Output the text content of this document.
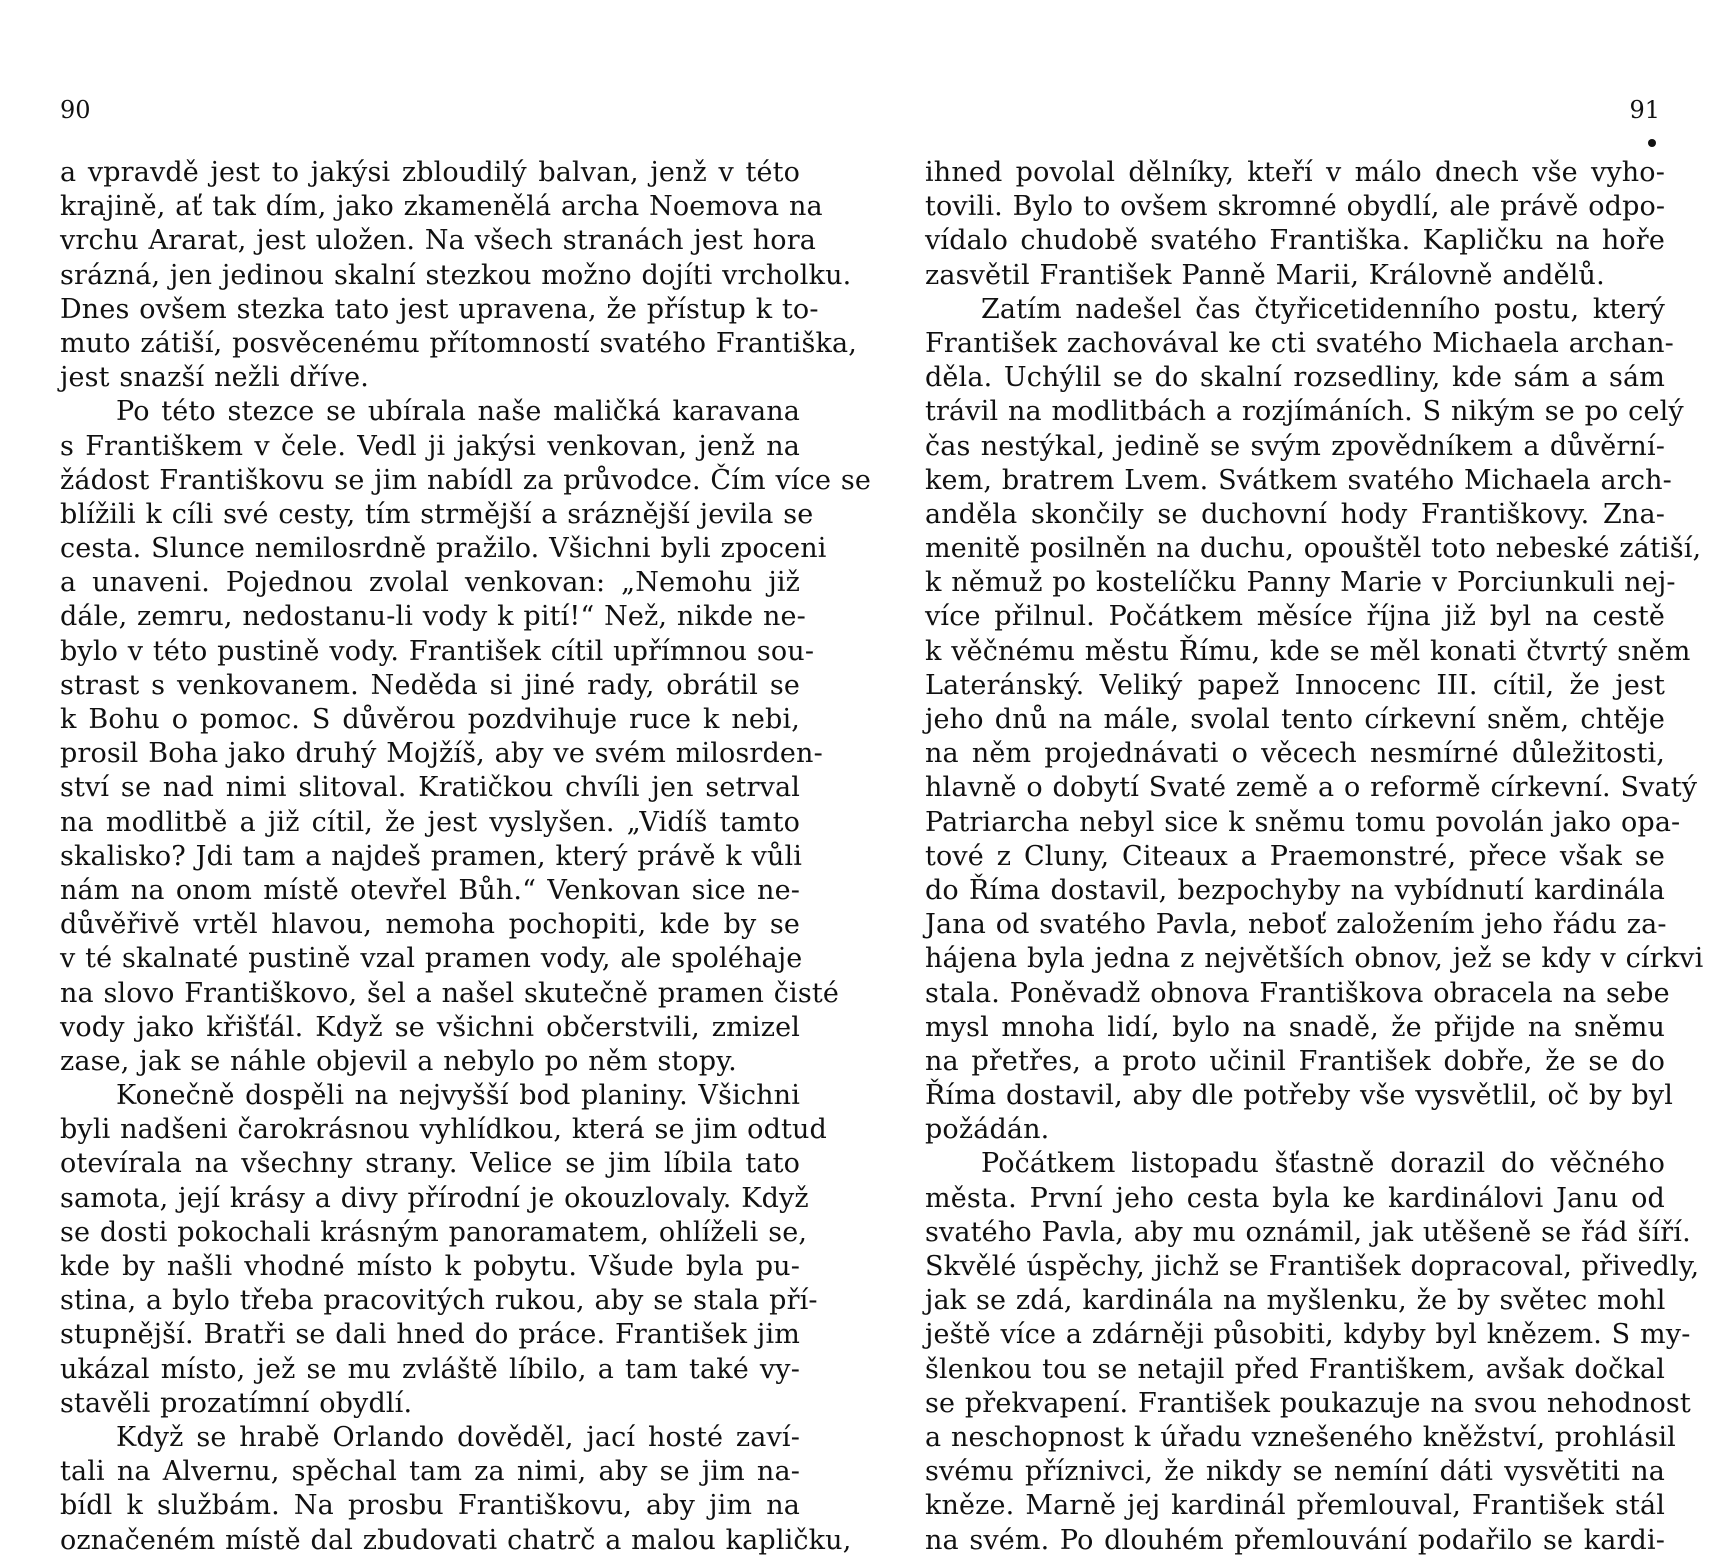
90

a vpravdě jest to jakýsi zbloudilý balvan, jenž v této

krajině, ať tak dím, jako zkamenělá archa Noemova na

vrchu Ararat, jest uložen. Na všech stranách jest hora

srázná, jen jedinou skalní stezkou možno dojíti vrcholku.

Dnes ovšem stezka tato jest upravena, že přístup k to-

muto zátiší, posvěcenému přítomností svatého Františka,

jest snazší nežli dříve.

Po této stezce se ubírala naše maličká karavana

s Františkem v čele. Vedl ji jakýsi venkovan, jenž na

žádost Františkovu se jim nabídl za průvodce. Čím více se

blížili k cíli své cesty, tím strmější a sráznější jevila se

cesta. Slunce nemilosrdně pražilo. Všichni byli zpoceni

a unaveni. Pojednou zvolal venkovan: „Nemohu již

dále, zemru, nedostanu-li vody k pití!“ Než, nikde ne-

bylo v této pustině vody. František cítil upřímnou sou-

strast s venkovanem. Neděda si jiné rady, obrátil se

k Bohu o pomoc. S důvěrou pozdvihuje ruce k nebi,

prosil Boha jako druhý Mojžíš, aby ve svém milosrden-

ství se nad nimi slitoval. Kratičkou chvíli jen setrval

na modlitbě a již cítil, že jest vyslyšen. „Vidíš tamto

skalisko? Jdi tam a najdeš pramen, který právě k vůli

nám na onom místě otevřel Bůh.“ Venkovan sice ne-

důvěřivě vrtěl hlavou, nemoha pochopiti, kde by se

v té skalnaté pustině vzal pramen vody, ale spoléhaje

na slovo Františkovo, šel a našel skutečně pramen čisté

vody jako křišťál. Když se všichni občerstvili, zmizel

zase, jak se náhle objevil a nebylo po něm stopy.

Konečně dospěli na nejvyšší bod planiny. Všichni

byli nadšeni čarokrásnou vyhlídkou, která se jim odtud

otevírala na všechny strany. Velice se jim líbila tato

samota, její krásy a divy přírodní je okouzlovaly. Když

se dosti pokochali krásným panoramatem, ohlíželi se,

kde by našli vhodné místo k pobytu. Všude byla pu-

stina, a bylo třeba pracovitých rukou, aby se stala pří-

stupnější. Bratři se dali hned do práce. František jim

ukázal místo, jež se mu zvláště líbilo, a tam také vy-

stavěli prozatímní obydlí.

Když se hrabě Orlando dověděl, jací hosté zaví-

tali na Alvernu, spěchal tam za nimi, aby se jim na-

bídl k službám. Na prosbu Františkovu, aby jim na

označeném místě dal zbudovati chatrč a malou kapličku,

91

ihned povolal dělníky, kteří v málo dnech vše vyho-

tovili. Bylo to ovšem skromné obydlí, ale právě odpo-

vídalo chudobě svatého Františka. Kapličku na hoře

zasvětil František Panně Marii, Královně andělů.

Zatím nadešel čas čtyřicetidenního postu, který

František zachovával ke cti svatého Michaela archan-

děla. Uchýlil se do skalní rozsedliny, kde sám a sám

trávil na modlitbách a rozjímáních. S nikým se po celý

čas nestýkal, jedině se svým zpovědníkem a důvěrní-

kem, bratrem Lvem. Svátkem svatého Michaela arch-

anděla skončily se duchovní hody Františkovy. Zna-

menitě posilněn na duchu, opouštěl toto nebeské zátiší,

k němuž po kostelíčku Panny Marie v Porciunkuli nej-

více přilnul. Počátkem měsíce října již byl na cestě

k věčnému městu Římu, kde se měl konati čtvrtý sněm

Lateránský. Veliký papež Innocenc III. cítil, že jest

jeho dnů na mále, svolal tento církevní sněm, chtěje

na něm projednávati o věcech nesmírné důležitosti,

hlavně o dobytí Svaté země a o reformě církevní. Svatý

Patriarcha nebyl sice k sněmu tomu povolán jako opa-

tové z Cluny, Citeaux a Praemonstré, přece však se

do Říma dostavil, bezpochyby na vybídnutí kardinála

Jana od svatého Pavla, neboť založením jeho řádu za-

hájena byla jedna z největších obnov, jež se kdy v církvi

stala. Poněvadž obnova Františkova obracela na sebe

mysl mnoha lidí, bylo na snadě, že přijde na sněmu

na přetřes, a proto učinil František dobře, že se do

Říma dostavil, aby dle potřeby vše vysvětlil, oč by byl

požádán.

Počátkem listopadu šťastně dorazil do věčného

města. První jeho cesta byla ke kardinálovi Janu od

svatého Pavla, aby mu oznámil, jak utěšeně se řád šíří.

Skvělé úspěchy, jichž se František dopracoval, přivedly,

jak se zdá, kardinála na myšlenku, že by světec mohl

ještě více a zdárněji působiti, kdyby byl knězem. S my-

šlenkou tou se netajil před Františkem, avšak dočkal

se překvapení. František poukazuje na svou nehodnost

a neschopnost k úřadu vznešeného kněžství, prohlásil

svému příznivci, že nikdy se nemíní dáti vysvětiti na

kněze. Marně jej kardinál přemlouval, František stál

na svém. Po dlouhém přemlouvání podařilo se kardi-
